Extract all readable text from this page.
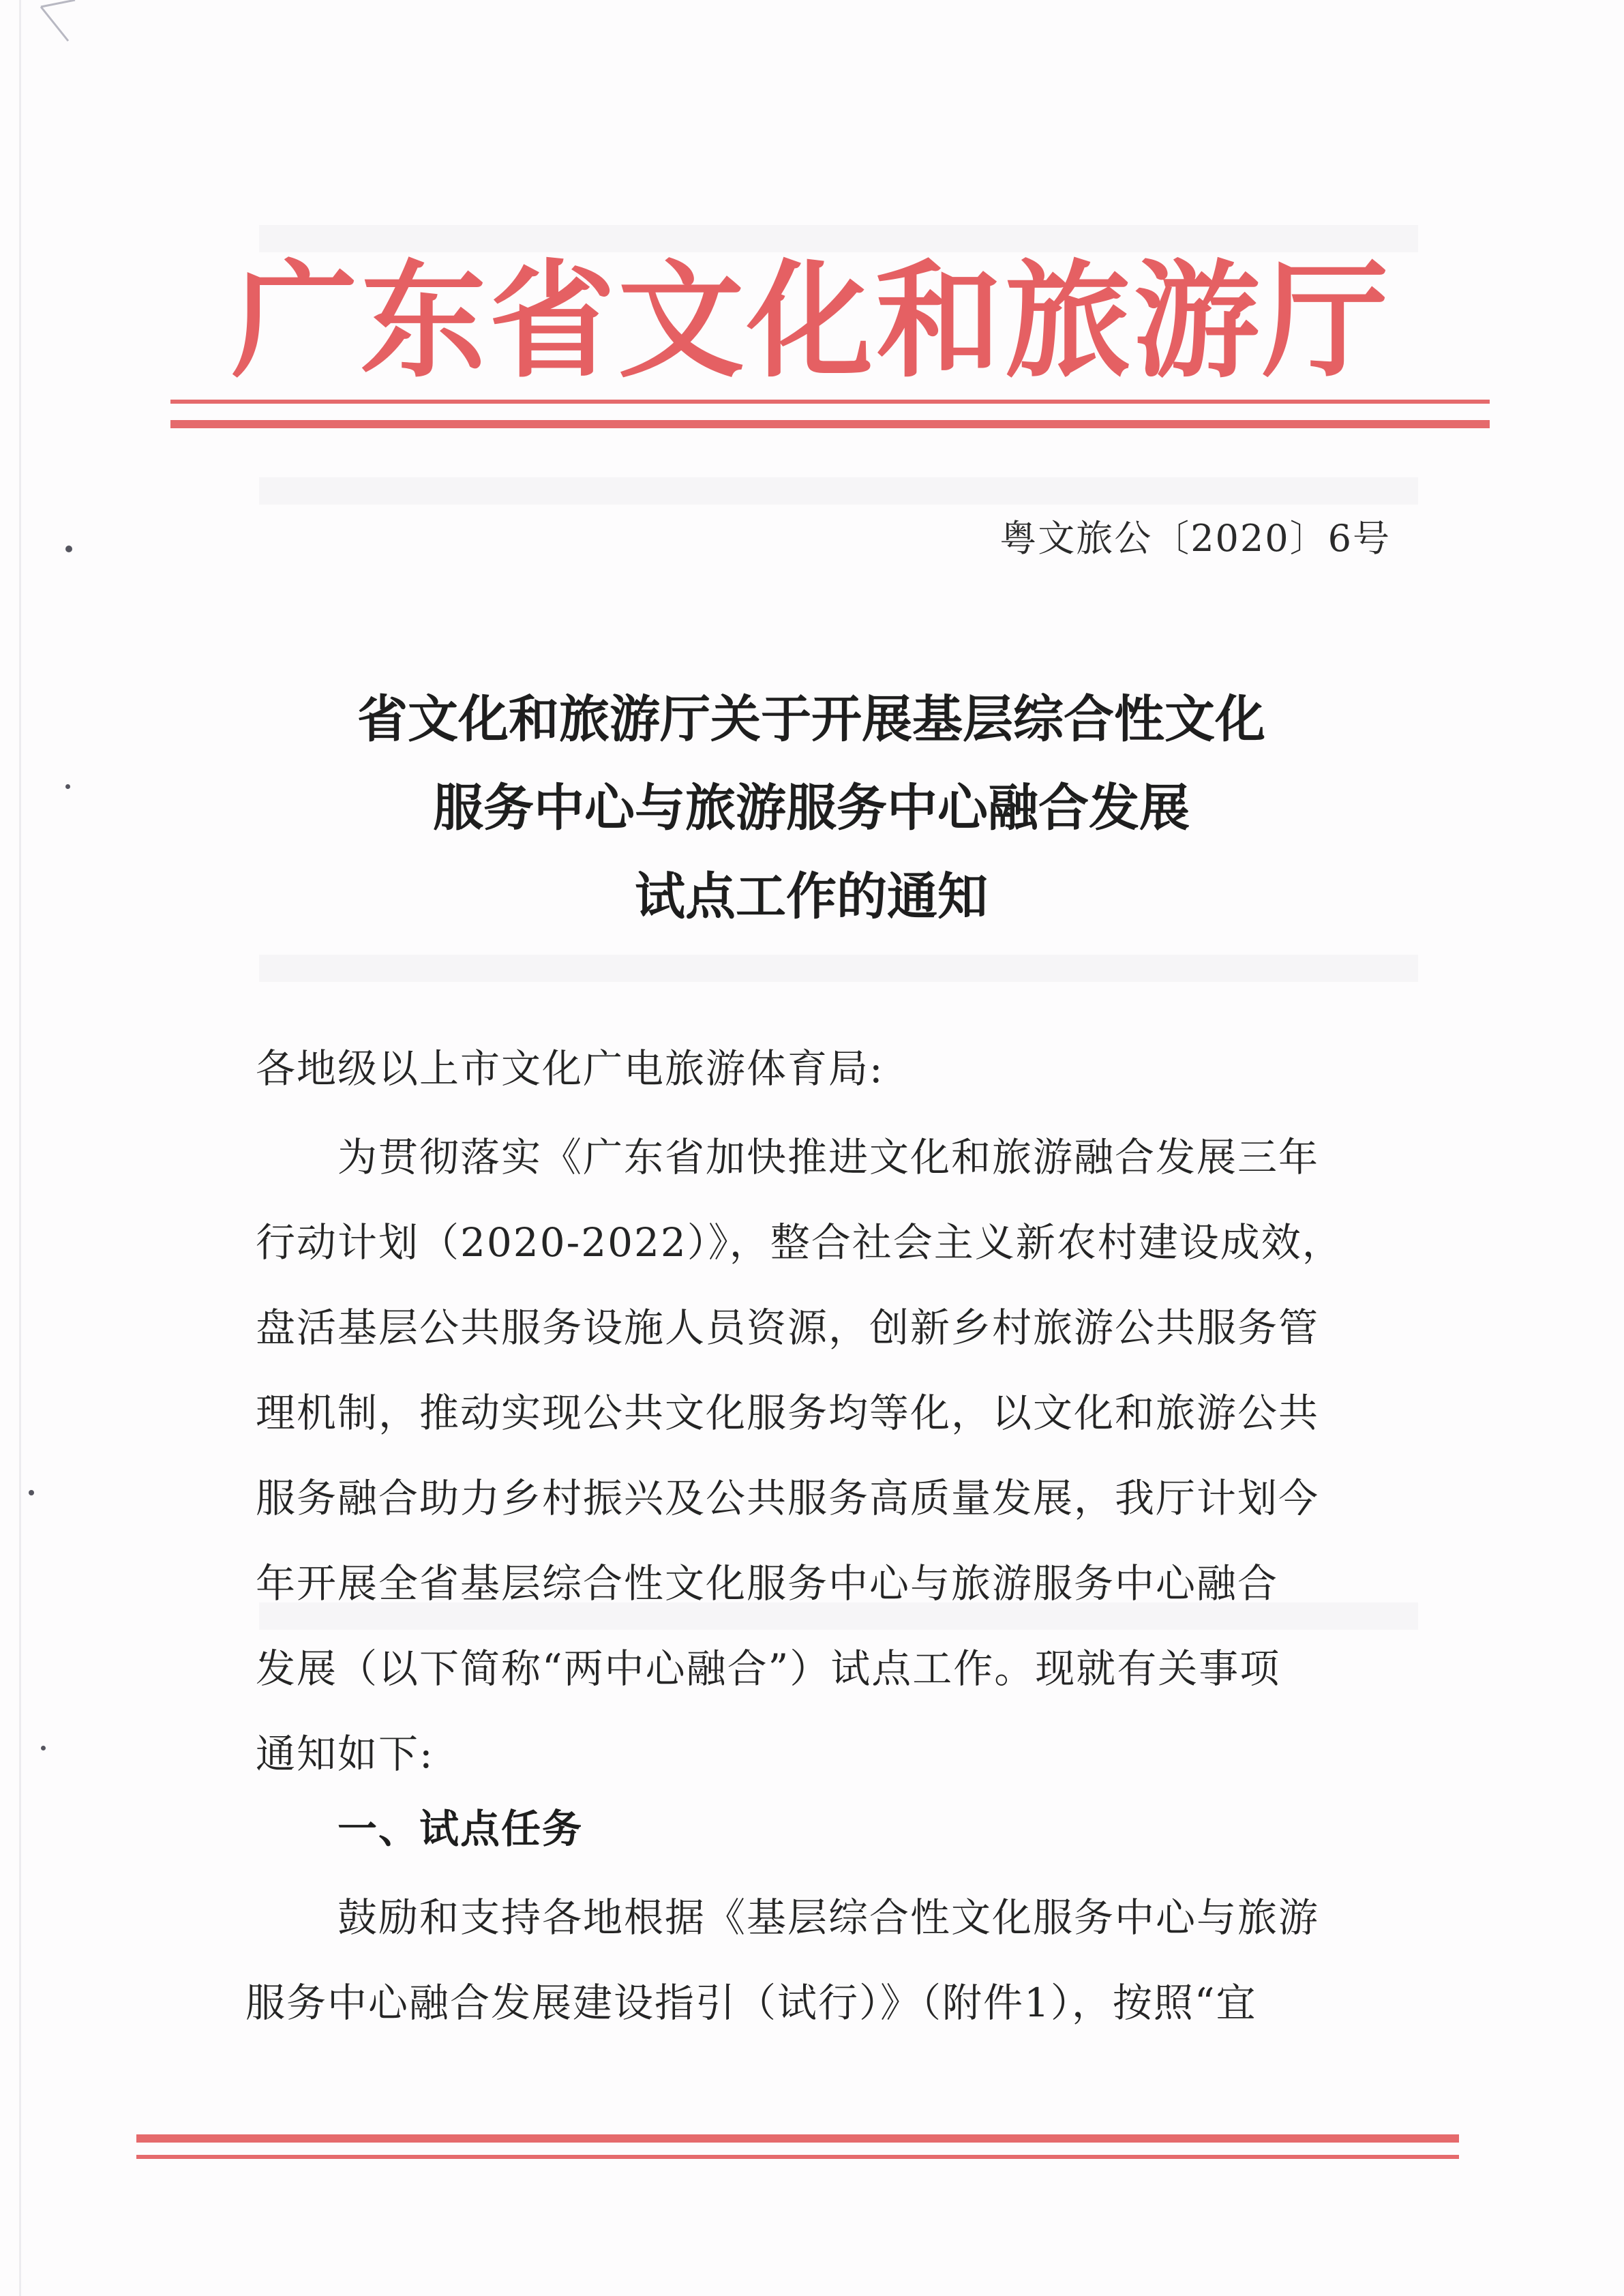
广东省文化和旅游厅
粤文旅公〔2020〕6号
省文化和旅游厅关于开展基层综合性文化
服务中心与旅游服务中心融合发展
试点工作的通知
各地级以上市文化广电旅游体育局:
为贯彻落实《广东省加快推进文化和旅游融合发展三年
行动计划（2020-2022）》，整合社会主义新农村建设成效，
盘活基层公共服务设施人员资源，创新乡村旅游公共服务管
理机制，推动实现公共文化服务均等化，以文化和旅游公共
服务融合助力乡村振兴及公共服务高质量发展，我厅计划今
年开展全省基层综合性文化服务中心与旅游服务中心融合
发展（以下简称“两中心融合”）试点工作。现就有关事项
通知如下:
一、试点任务
鼓励和支持各地根据《基层综合性文化服务中心与旅游
服务中心融合发展建设指引（试行）》（附件1），按照“宜
